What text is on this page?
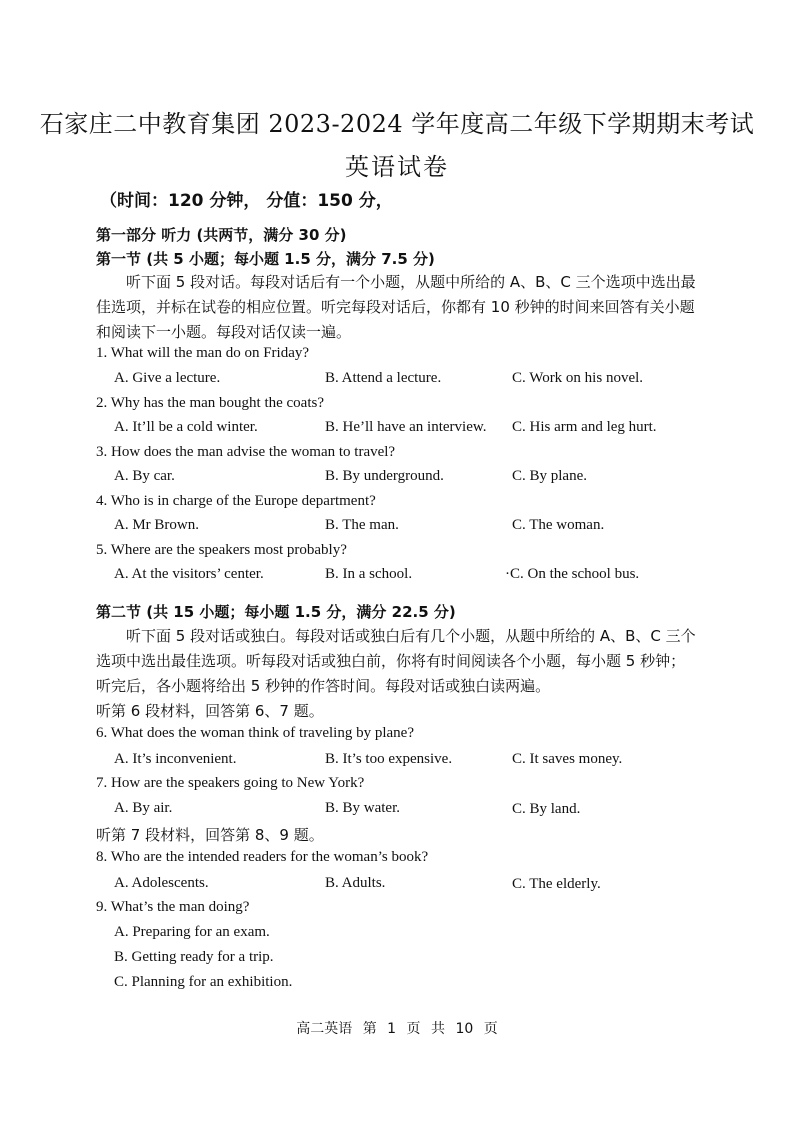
石家庄二中教育集团 2023-2024 学年度高二年级下学期期末考试
英语试卷
（时间：120 分钟， 分值：150 分，
第一部分 听力 (共两节，满分 30 分)
第一节 (共 5 小题；每小题 1.5 分，满分 7.5 分)
听下面 5 段对话。每段对话后有一个小题，从题中所给的 A、B、C 三个选项中选出最佳选项，并标在试卷的相应位置。听完每段对话后，你都有 10 秒钟的时间来回答有关小题和阅读下一小题。每段对话仅读一遍。
1. What will the man do on Friday?
A. Give a lecture.	B. Attend a lecture.	C. Work on his novel.
2. Why has the man bought the coats?
A. It’ll be a cold winter.	B. He’ll have an interview. C. His arm and leg hurt.
3. How does the man advise the woman to travel?
A. By car.	B. By underground.	C. By plane.
4. Who is in charge of the Europe department?
A. Mr Brown.	B. The man.	C. The woman.
5. Where are the speakers most probably?
A. At the visitors’ center.	B. In a school.	·C. On the school bus.
第二节 (共 15 小题；每小题 1.5 分，满分 22.5 分)
听下面 5 段对话或独白。每段对话或独白后有几个小题，从题中所给的 A、B、C 三个选项中选出最佳选项。听每段对话或独白前，你将有时间阅读各个小题，每小题 5 秒钟；听完后，各小题将给出 5 秒钟的作答时间。每段对话或独白读两遍。
听第 6 段材料，回答第 6、7 题。
6. What does the woman think of traveling by plane?
A. It’s inconvenient.	B. It’s too expensive.	C. It saves money.
7. How are the speakers going to New York?
A. By air.	B. By water.	C. By land.
听第 7 段材料，回答第 8、9 题。
8. Who are the intended readers for the woman’s book?
A. Adolescents.	B. Adults.	C. The elderly.
9. What’s the man doing?
A. Preparing for an exam.
B. Getting ready for a trip.
C. Planning for an exhibition.
高二英语 第 1 页 共 10 页
